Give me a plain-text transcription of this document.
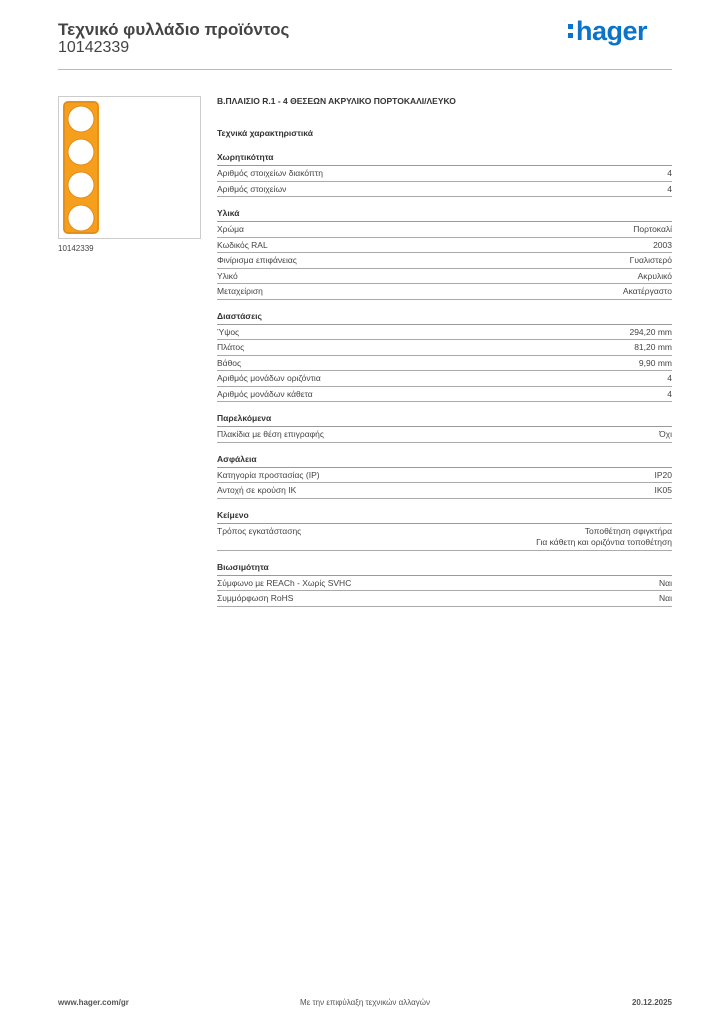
Τεχνικό φυλλάδιο προϊόντος
10142339
hager
10142339
Β.ΠΛΑΙΣΙΟ R.1 - 4 ΘΕΣΕΩΝ ΑΚΡΥΛΙΚΟ ΠΟΡΤΟΚΑΛΙ/ΛΕΥΚΟ
Τεχνικά χαρακτηριστικά
Χωρητικότητα
Αριθμός στοιχείων διακόπτη	4
Αριθμός στοιχείων	4
Υλικά
Χρώμα	Πορτοκαλί
Κωδικός RAL	2003
Φινίρισμα επιφάνειας	Γυαλιστερό
Υλικό	Ακρυλικό
Μεταχείριση	Ακατέργαστο
Διαστάσεις
Ύψος	294,20 mm
Πλάτος	81,20 mm
Βάθος	9,90 mm
Αριθμός μονάδων οριζόντια	4
Αριθμός μονάδων κάθετα	4
Παρελκόμενα
Πλακίδια με θέση επιγραφής	Όχι
Ασφάλεια
Κατηγορία προστασίας (IP)	IP20
Αντοχή σε κρούση IK	IK05
Κείμενο
Τρόπος εγκατάστασης	Τοποθέτηση σφιγκτήρα
Για κάθετη και οριζόντια τοποθέτηση
Βιωσιμότητα
Σύμφωνο με REACh - Χωρίς SVHC	Ναι
Συμμόρφωση RoHS	Ναι
www.hager.com/gr	Με την επιφύλαξη τεχνικών αλλαγών	20.12.2025
